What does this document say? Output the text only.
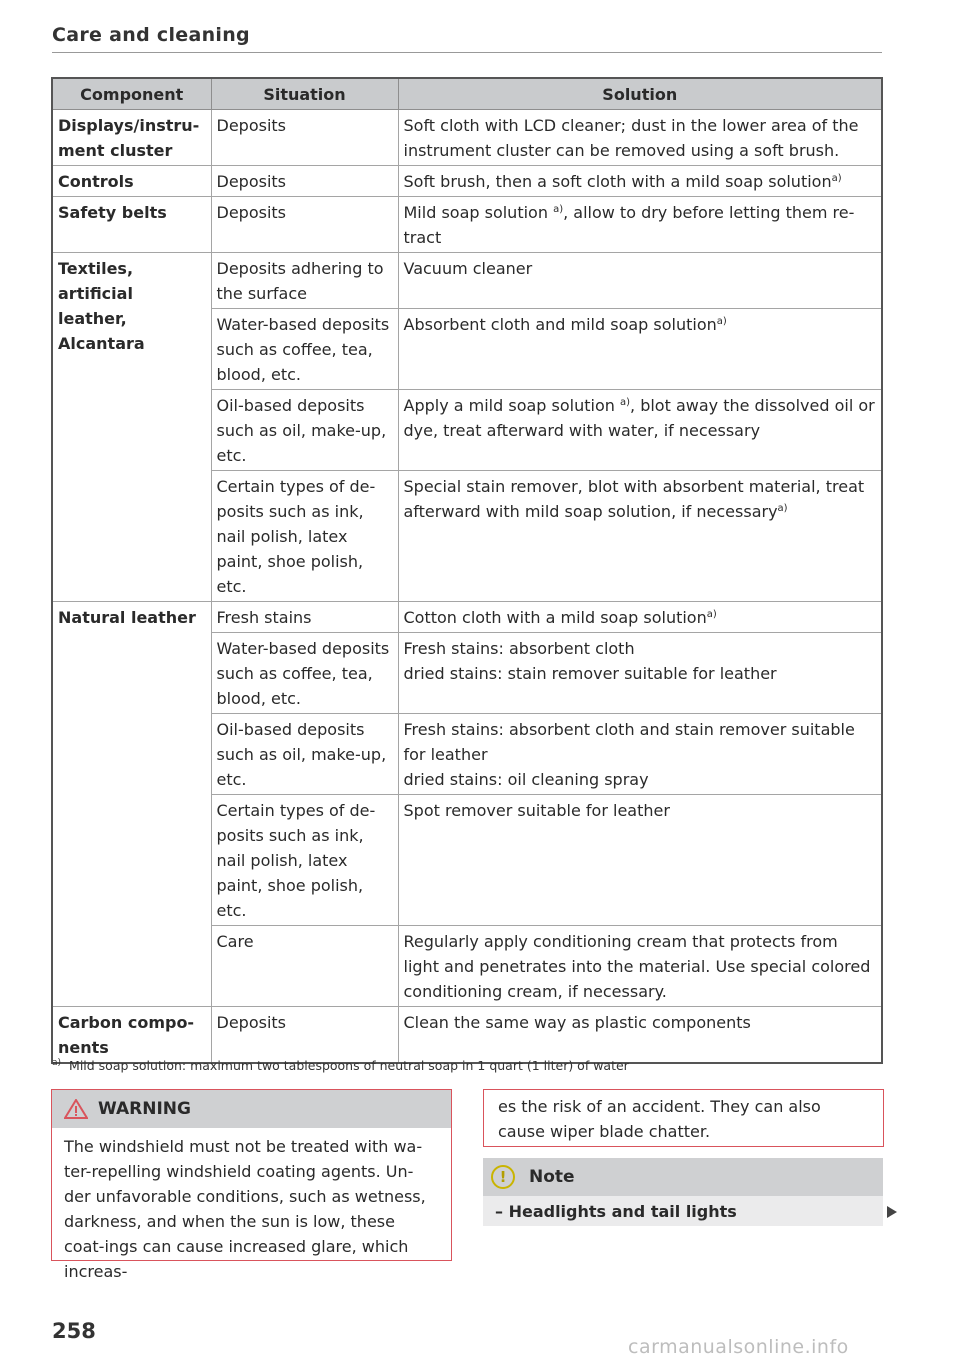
Care and cleaning
Component	Situation	Solution
Displays/instru-
ment cluster	Deposits	Soft cloth with LCD cleaner; dust in the lower area of the instrument cluster can be removed using a soft brush.
Controls	Deposits	Soft brush, then a soft cloth with a mild soap solution$^{a)}$
Safety belts	Deposits	Mild soap solution $^{a)}$, allow to dry before letting them re-tract
Textiles,
artificial leather,
Alcantara	Deposits adhering to the surface	Vacuum cleaner
	Water-based deposits such as coffee, tea, blood, etc.	Absorbent cloth and mild soap solution$^{a)}$
	Oil-based deposits such as oil, make-up, etc.	Apply a mild soap solution $^{a)}$, blot away the dissolved oil or dye, treat afterward with water, if necessary
	Certain types of de-posits such as ink, nail polish, latex paint, shoe polish, etc.	Special stain remover, blot with absorbent material, treat afterward with mild soap solution, if necessary$^{a)}$
Natural leather	Fresh stains	Cotton cloth with a mild soap solution$^{a)}$
	Water-based deposits such as coffee, tea, blood, etc.	Fresh stains: absorbent cloth
dried stains: stain remover suitable for leather
	Oil-based deposits such as oil, make-up, etc.	Fresh stains: absorbent cloth and stain remover suitable for leather
dried stains: oil cleaning spray
	Certain types of de-posits such as ink, nail polish, latex paint, shoe polish, etc.	Spot remover suitable for leather
	Care	Regularly apply conditioning cream that protects from light and penetrates into the material. Use special colored conditioning cream, if necessary.
Carbon compo-
nents	Deposits	Clean the same way as plastic components
$^{a)}$ Mild soap solution: maximum two tablespoons of neutral soap in 1 quart (1 liter) of water
WARNING
The windshield must not be treated with wa-ter-repelling windshield coating agents. Un-der unfavorable conditions, such as wetness, darkness, and when the sun is low, these coat-ings can cause increased glare, which increas-
es the risk of an accident. They can also cause wiper blade chatter.
!	Note
– Headlights and tail lights
258
carmanualsonline.info
